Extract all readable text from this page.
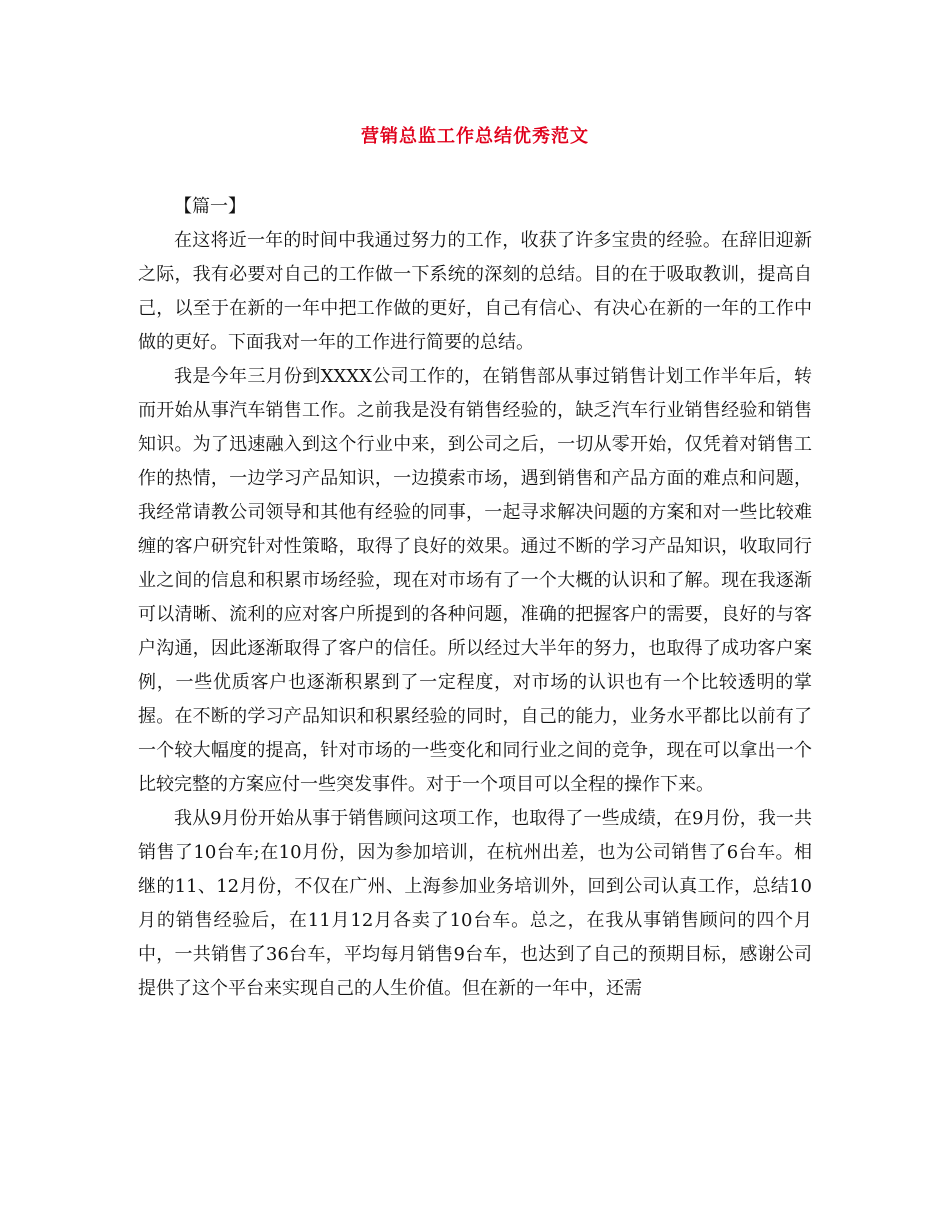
营销总监工作总结优秀范文
【篇一】

在这将近一年的时间中我通过努力的工作，收获了许多宝贵的经验。在辞旧迎新之际，我有必要对自己的工作做一下系统的深刻的总结。目的在于吸取教训，提高自己，以至于在新的一年中把工作做的更好，自己有信心、有决心在新的一年的工作中做的更好。下面我对一年的工作进行简要的总结。

我是今年三月份到XXXX公司工作的，在销售部从事过销售计划工作半年后，转而开始从事汽车销售工作。之前我是没有销售经验的，缺乏汽车行业销售经验和销售知识。为了迅速融入到这个行业中来，到公司之后，一切从零开始，仅凭着对销售工作的热情，一边学习产品知识，一边摸索市场，遇到销售和产品方面的难点和问题，我经常请教公司领导和其他有经验的同事，一起寻求解决问题的方案和对一些比较难缠的客户研究针对性策略，取得了良好的效果。通过不断的学习产品知识，收取同行业之间的信息和积累市场经验，现在对市场有了一个大概的认识和了解。现在我逐渐可以清晰、流利的应对客户所提到的各种问题，准确的把握客户的需要，良好的与客户沟通，因此逐渐取得了客户的信任。所以经过大半年的努力，也取得了成功客户案例，一些优质客户也逐渐积累到了一定程度，对市场的认识也有一个比较透明的掌握。在不断的学习产品知识和积累经验的同时，自己的能力，业务水平都比以前有了一个较大幅度的提高，针对市场的一些变化和同行业之间的竞争，现在可以拿出一个比较完整的方案应付一些突发事件。对于一个项目可以全程的操作下来。

我从9月份开始从事于销售顾问这项工作，也取得了一些成绩，在9月份，我一共销售了10台车;在10月份，因为参加培训，在杭州出差，也为公司销售了6台车。相继的11、12月份，不仅在广州、上海参加业务培训外，回到公司认真工作，总结10月的销售经验后，在11月12月各卖了10台车。总之，在我从事销售顾问的四个月中，一共销售了36台车，平均每月销售9台车，也达到了自己的预期目标，感谢公司提供了这个平台来实现自己的人生价值。但在新的一年中，还需
